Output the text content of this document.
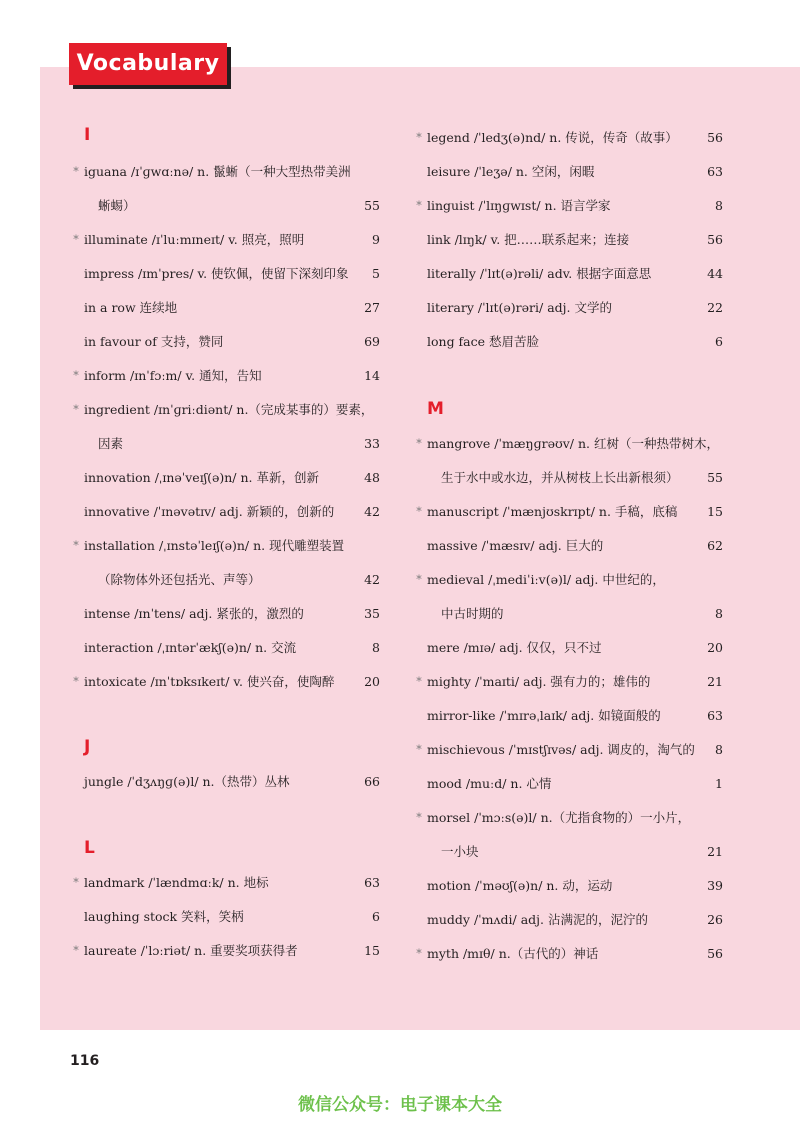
Vocabulary
I
* iguana /ɪˈɡwɑːnə/ n. 鬣蜥（一种大型热带美洲
蜥蜴）	55
* illuminate /ɪˈluːmɪneɪt/ v. 照亮，照明	9
impress /ɪmˈpres/ v. 使钦佩，使留下深刻印象 5
in a row 连续地	27
in favour of 支持，赞同	69
* inform /ɪnˈfɔːm/ v. 通知，告知	14
* ingredient /ɪnˈɡriːdiənt/ n.（完成某事的）要素，
因素	33
innovation /ˌɪnəˈveɪʃ(ə)n/ n. 革新，创新	48
innovative /ˈɪnəvətɪv/ adj. 新颖的，创新的 42
* installation /ˌɪnstəˈleɪʃ(ə)n/ n. 现代雕塑装置
（除物体外还包括光、声等）	42
intense /ɪnˈtens/ adj. 紧张的，激烈的	35
interaction /ˌɪntərˈækʃ(ə)n/ n. 交流	8
* intoxicate /ɪnˈtɒksɪkeɪt/ v. 使兴奋，使陶醉 20
J
jungle /ˈdʒʌŋɡ(ə)l/ n.（热带）丛林	66
L
* landmark /ˈlændmɑːk/ n. 地标	63
laughing stock 笑料，笑柄	6
* laureate /ˈlɔːriət/ n. 重要奖项获得者	15
* legend /ˈledʒ(ə)nd/ n. 传说，传奇（故事） 56
leisure /ˈleʒə/ n. 空闲，闲暇	63
* linguist /ˈlɪŋɡwɪst/ n. 语言学家	8
link /lɪŋk/ v. 把……联系起来；连接	56
literally /ˈlɪt(ə)rəli/ adv. 根据字面意思	44
literary /ˈlɪt(ə)rəri/ adj. 文学的	22
long face 愁眉苦脸	6
M
* mangrove /ˈmæŋɡrəʊv/ n. 红树（一种热带树木，
生于水中或水边，并从树枝上长出新根须） 55
* manuscript /ˈmænjʊskrɪpt/ n. 手稿，底稿 15
massive /ˈmæsɪv/ adj. 巨大的	62
* medieval /ˌmediˈiːv(ə)l/ adj. 中世纪的，
中古时期的	8
mere /mɪə/ adj. 仅仅，只不过	20
* mighty /ˈmaɪti/ adj. 强有力的；雄伟的	21
mirror-like /ˈmɪrəˌlaɪk/ adj. 如镜面般的	63
* mischievous /ˈmɪstʃɪvəs/ adj. 调皮的，淘气的 8
mood /muːd/ n. 心情	1
* morsel /ˈmɔːs(ə)l/ n.（尤指食物的）一小片，
一小块	21
motion /ˈməʊʃ(ə)n/ n. 动，运动	39
muddy /ˈmʌdi/ adj. 沾满泥的，泥泞的	26
* myth /mɪθ/ n.（古代的）神话	56
116
微信公众号：电子课本大全
